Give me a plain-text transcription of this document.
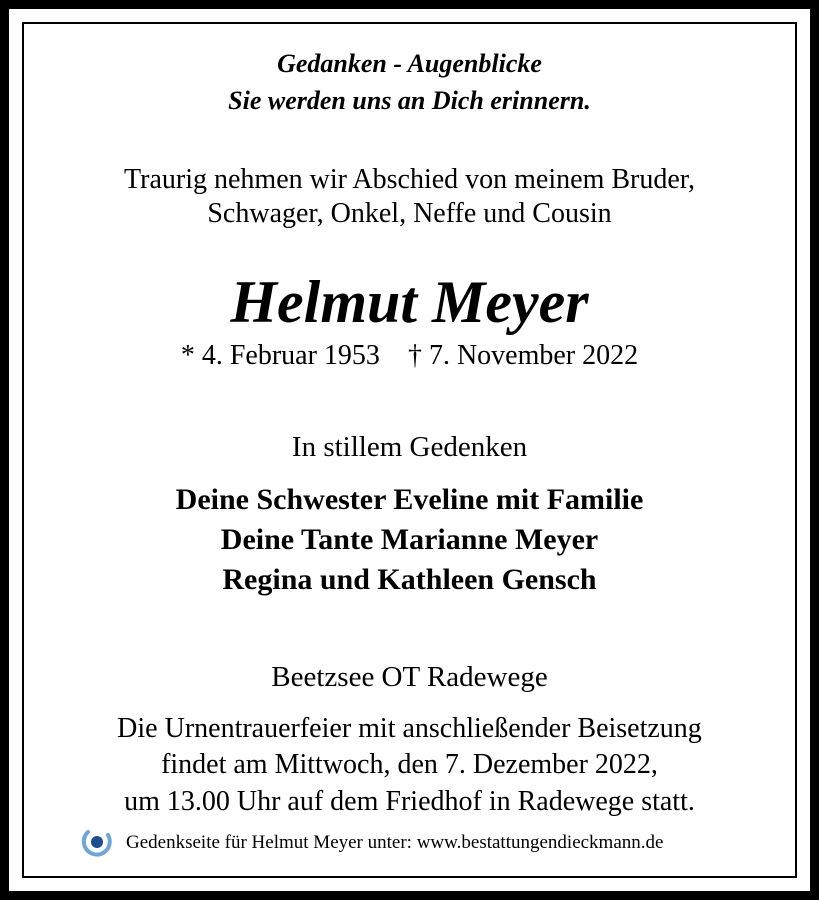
Gedanken - Augenblicke
Sie werden uns an Dich erinnern.
Traurig nehmen wir Abschied von meinem Bruder,
Schwager, Onkel, Neffe und Cousin
Helmut Meyer
* 4. Februar 1953 † 7. November 2022
In stillem Gedenken
Deine Schwester Eveline mit Familie
Deine Tante Marianne Meyer
Regina und Kathleen Gensch
Beetzsee OT Radewege
Die Urnentrauerfeier mit anschließender Beisetzung
findet am Mittwoch, den 7. Dezember 2022,
um 13.00 Uhr auf dem Friedhof in Radewege statt.
Gedenkseite für Helmut Meyer unter: www.bestattungendieckmann.de
